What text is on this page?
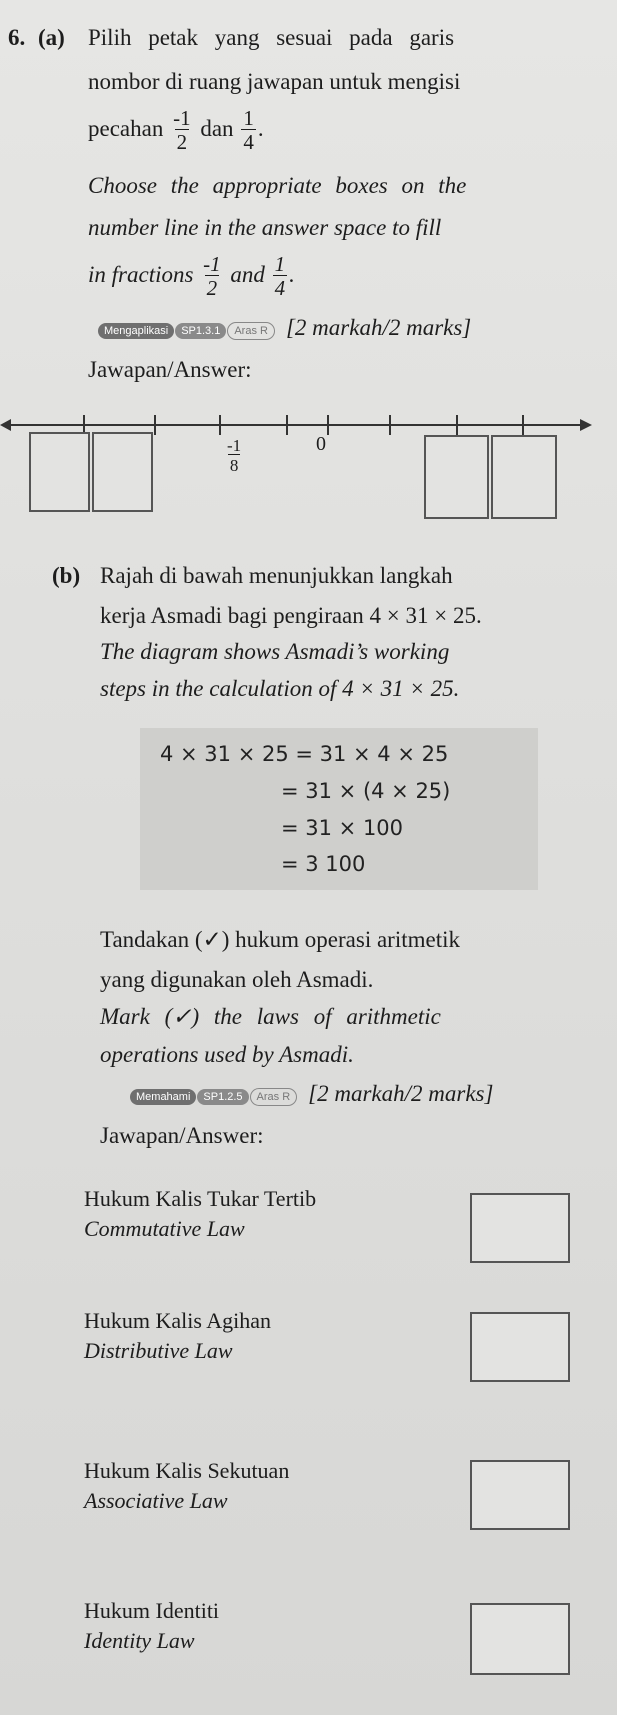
6. (a) Pilih petak yang sesuai pada garis
nombor di ruang jawapan untuk mengisi
pecahan $\frac{-1}{2}$ dan $\frac{1}{4}$ .
Choose the appropriate boxes on the
number line in the answer space to fill
in fractions $\frac{-1}{2}$ and $\frac{1}{4}$ .
Mengaplikasi SP1.3.1 Aras R [2 markah/2 marks]
Jawapan/Answer:
$\frac{-1}{8}$	0
(b) Rajah di bawah menunjukkan langkah
kerja Asmadi bagi pengiraan 4 × 31 × 25.
The diagram shows Asmadi’s working
steps in the calculation of 4 × 31 × 25.
4 × 31 × 25 = 31 × 4 × 25
= 31 × (4 × 25)
= 31 × 100
= 3 100
Tandakan (✓) hukum operasi aritmetik
yang digunakan oleh Asmadi.
Mark (✓) the laws of arithmetic
operations used by Asmadi.
Memahami SP1.2.5 Aras R [2 markah/2 marks]
Jawapan/Answer:
Hukum Kalis Tukar Tertib
Commutative Law
Hukum Kalis Agihan
Distributive Law
Hukum Kalis Sekutuan
Associative Law
Hukum Identiti
Identity Law
